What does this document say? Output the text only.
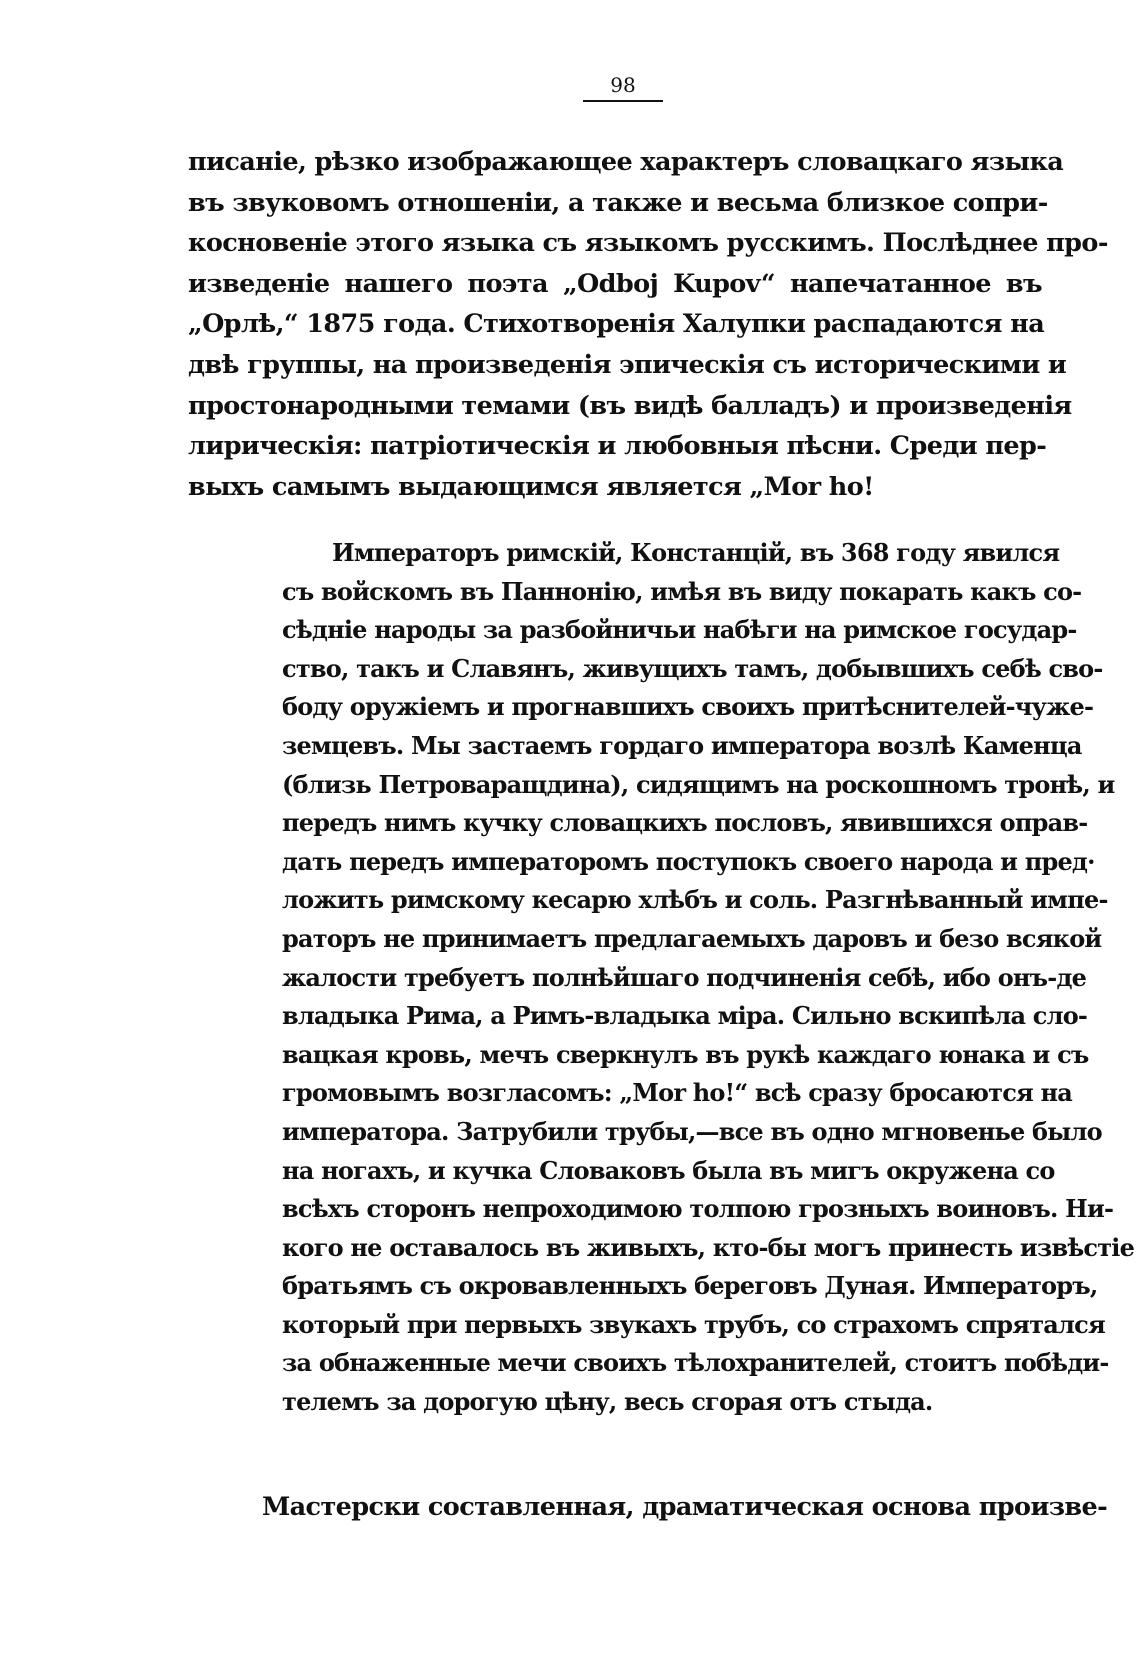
98
писаніе, рѣзко изображающее характеръ словацкаго языка
въ звуковомъ отношеніи, а также и весьма близкое сопри-
косновеніе этого языка съ языкомъ русскимъ. Послѣднее про-
изведеніе нашего поэта „Odboj Kupov“ напечатанное въ
„Орлѣ,“ 1875 года. Стихотворенія Халупки распадаются на
двѣ группы, на произведенія эпическія съ историческими и
простонародными темами (въ видѣ балладъ) и произведенія
лирическія: патріотическія и любовныя пѣсни. Среди пер-
выхъ самымъ выдающимся является „Mor ho!
Императоръ римскій, Констанцій, въ 368 году явился
съ войскомъ въ Паннонію, имѣя въ виду покарать какъ со-
сѣдніе народы за разбойничьи набѣги на римское государ-
ство, такъ и Славянъ, живущихъ тамъ, добывшихъ себѣ сво-
боду оружіемъ и прогнавшихъ своихъ притѣснителей-чуже-
земцевъ. Мы застаемъ гордаго императора возлѣ Каменца
(близь Петроваращдина), сидящимъ на роскошномъ тронѣ, и
передъ нимъ кучку словацкихъ пословъ, явившихся оправ-
дать передъ императоромъ поступокъ своего народа и пред·
ложить римскому кесарю хлѣбъ и соль. Разгнѣванный импе-
раторъ не принимаетъ предлагаемыхъ даровъ и безо всякой
жалости требуетъ полнѣйшаго подчиненія себѣ, ибо онъ-де
владыка Рима, а Римъ-владыка міра. Сильно вскипѣла сло-
вацкая кровь, мечъ сверкнулъ въ рукѣ каждаго юнака и съ
громовымъ возгласомъ: „Mor ho!“ всѣ сразу бросаются на
императора. Затрубили трубы,—все въ одно мгновенье было
на ногахъ, и кучка Словаковъ была въ мигъ окружена со
всѣхъ сторонъ непроходимою толпою грозныхъ воиновъ. Ни-
кого не оставалось въ живыхъ, кто-бы могъ принесть извѣстіе
братьямъ съ окровавленныхъ береговъ Дуная. Императоръ,
который при первыхъ звукахъ трубъ, со страхомъ спрятался
за обнаженные мечи своихъ тѣлохранителей, стоитъ побѣди-
телемъ за дорогую цѣну, весь сгорая отъ стыда.
Мастерски составленная, драматическая основа произве-
